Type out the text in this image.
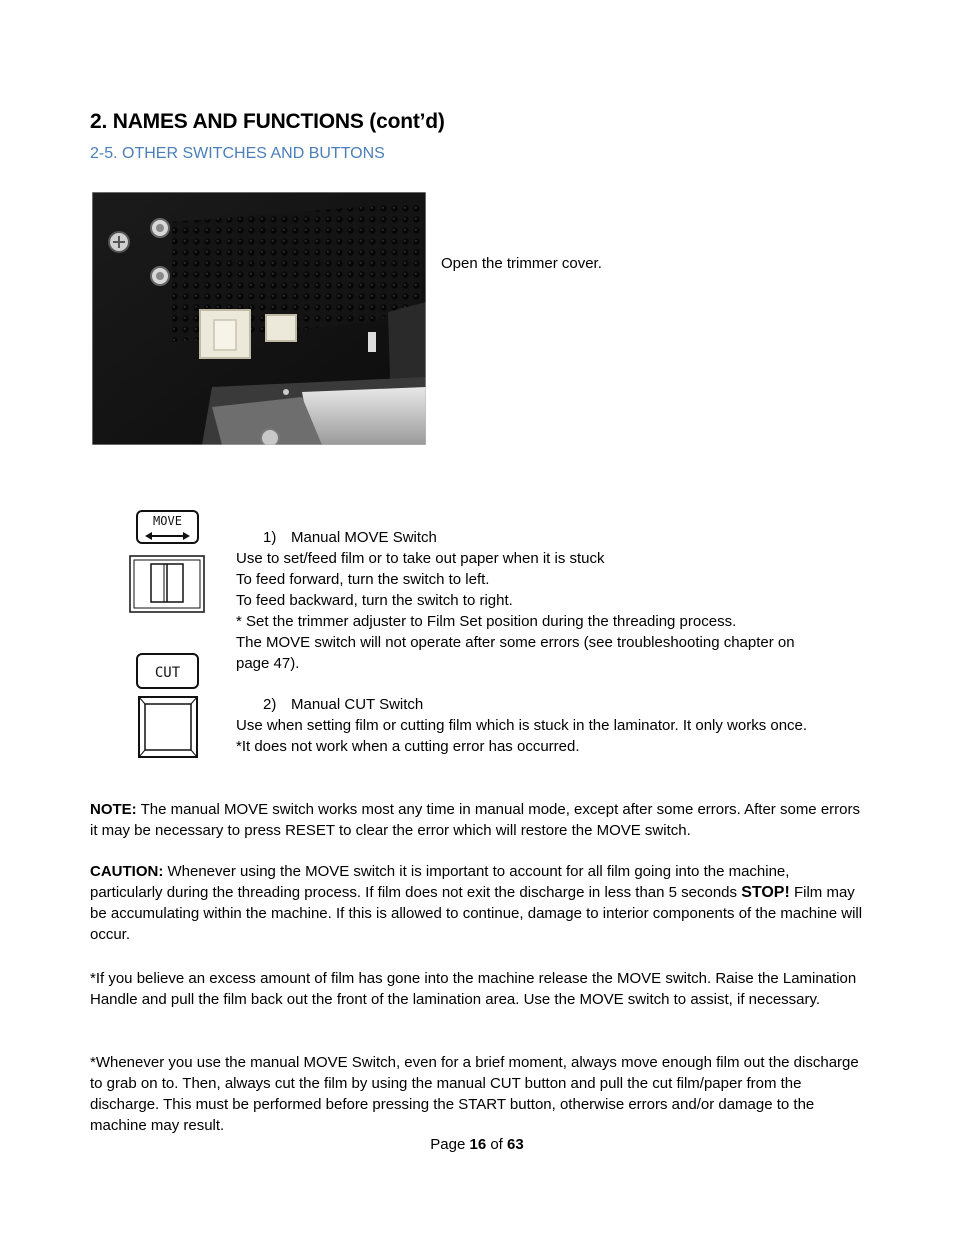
2. NAMES AND FUNCTIONS (cont’d)
2-5. OTHER SWITCHES AND BUTTONS
Open the trimmer cover.
MOVE
CUT
1) Manual MOVE Switch
Use to set/feed film or to take out paper when it is stuck
To feed forward, turn the switch to left.
To feed backward, turn the switch to right.
* Set the trimmer adjuster to Film Set position during the threading process.
The MOVE switch will not operate after some errors (see troubleshooting chapter on
page 47).
2) Manual CUT Switch
Use when setting film or cutting film which is stuck in the laminator. It only works once.
*It does not work when a cutting error has occurred.
NOTE: The manual MOVE switch works most any time in manual mode, except after some errors. After some errors it may be necessary to press RESET to clear the error which will restore the MOVE switch.
CAUTION: Whenever using the MOVE switch it is important to account for all film going into the machine, particularly during the threading process. If film does not exit the discharge in less than 5 seconds STOP! Film may be accumulating within the machine. If this is allowed to continue, damage to interior components of the machine will occur.
*If you believe an excess amount of film has gone into the machine release the MOVE switch. Raise the Lamination Handle and pull the film back out the front of the lamination area. Use the MOVE switch to assist, if necessary.
*Whenever you use the manual MOVE Switch, even for a brief moment, always move enough film out the discharge to grab on to. Then, always cut the film by using the manual CUT button and pull the cut film/paper from the discharge. This must be performed before pressing the START button, otherwise errors and/or damage to the machine may result.
Page 16 of 63
